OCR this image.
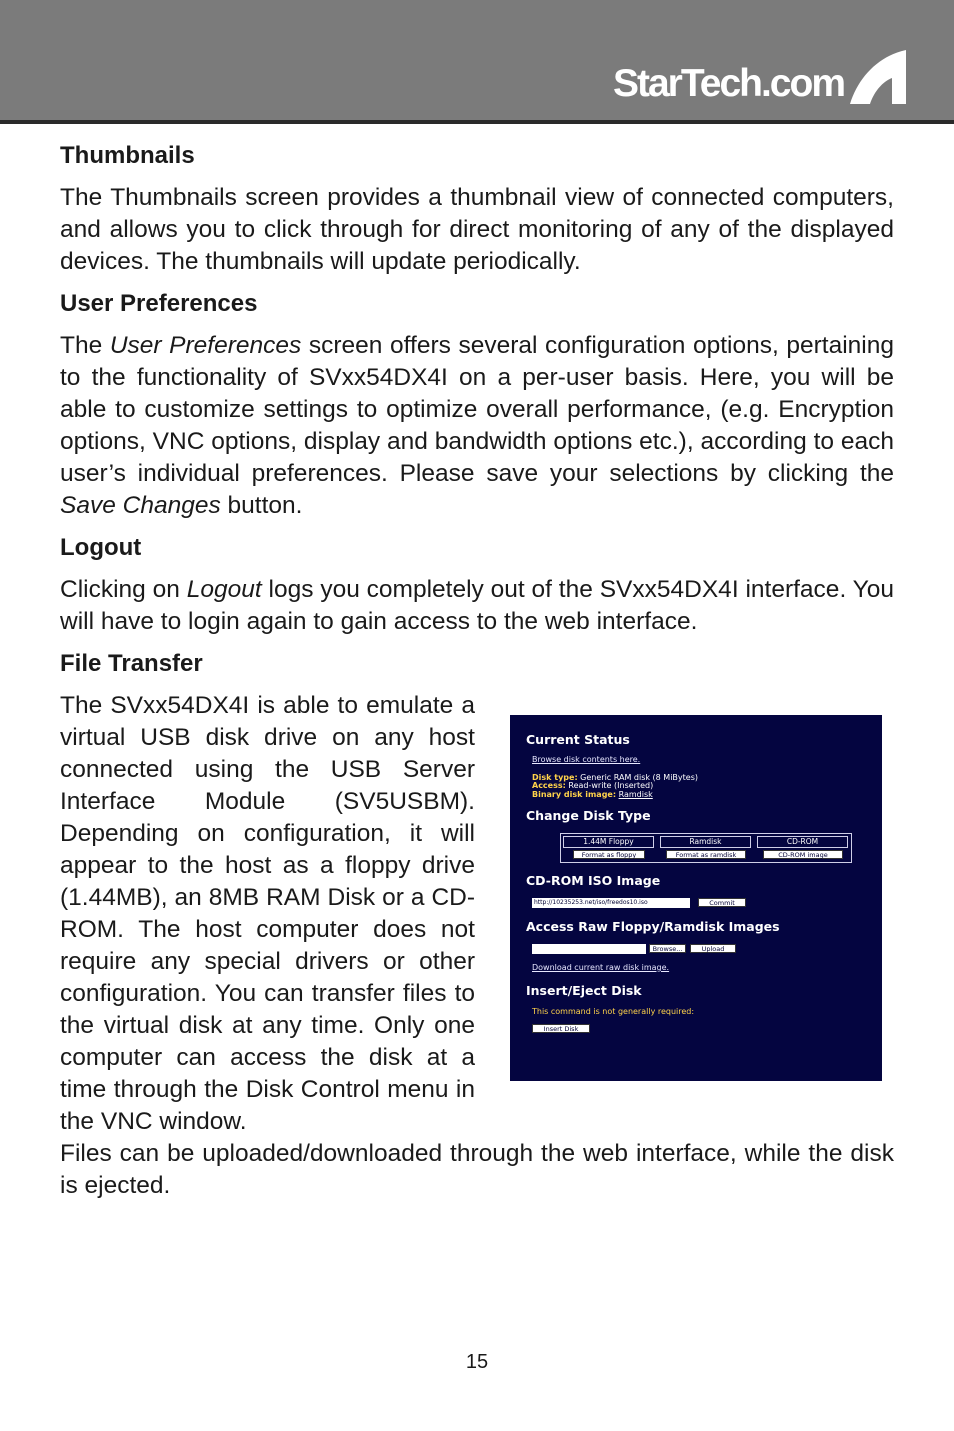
StarTech.com
Thumbnails

The Thumbnails screen provides a thumbnail view of connected computers, and allows you to click through for direct monitoring of any of the displayed devices. The thumbnails will update periodically.

User Preferences

The User Preferences screen offers several configuration options, pertaining to the functionality of SVxx54DX4I on a per-user basis. Here, you will be able to customize settings to optimize overall performance, (e.g. Encryption options, VNC options, display and bandwidth options etc.), according to each user’s individual preferences. Please save your selections by clicking the Save Changes button.

Logout

Clicking on Logout logs you completely out of the SVxx54DX4I interface. You will have to login again to gain access to the web interface.

File Transfer

The SVxx54DX4I is able to emulate a virtual USB disk drive on any host connected using the USB Server Interface Module (SV5USBM). Depending on configuration, it will appear to the host as a floppy drive (1.44MB), an 8MB RAM Disk or a CD-ROM. The host computer does not require any special drivers or other configuration. You can transfer files to the virtual disk at any time. Only one computer can access the disk at a time through the Disk Control menu in the VNC window.

Files can be uploaded/downloaded through the web interface, while the disk is ejected.

Current Status
Browse disk contents here.
Disk type: Generic RAM disk (8 MiBytes)
Access: Read-write (Inserted)
Binary disk image: Ramdisk
Change Disk Type
1.44M Floppy
Format as floppy
Ramdisk
Format as ramdisk
CD-ROM
CD-ROM image
CD-ROM ISO Image
http://10235253.net/iso/freedos10.iso	Commit
Access Raw Floppy/Ramdisk Images
Browse...	Upload
Download current raw disk image.
Insert/Eject Disk
This command is not generally required:
Insert Disk
15
